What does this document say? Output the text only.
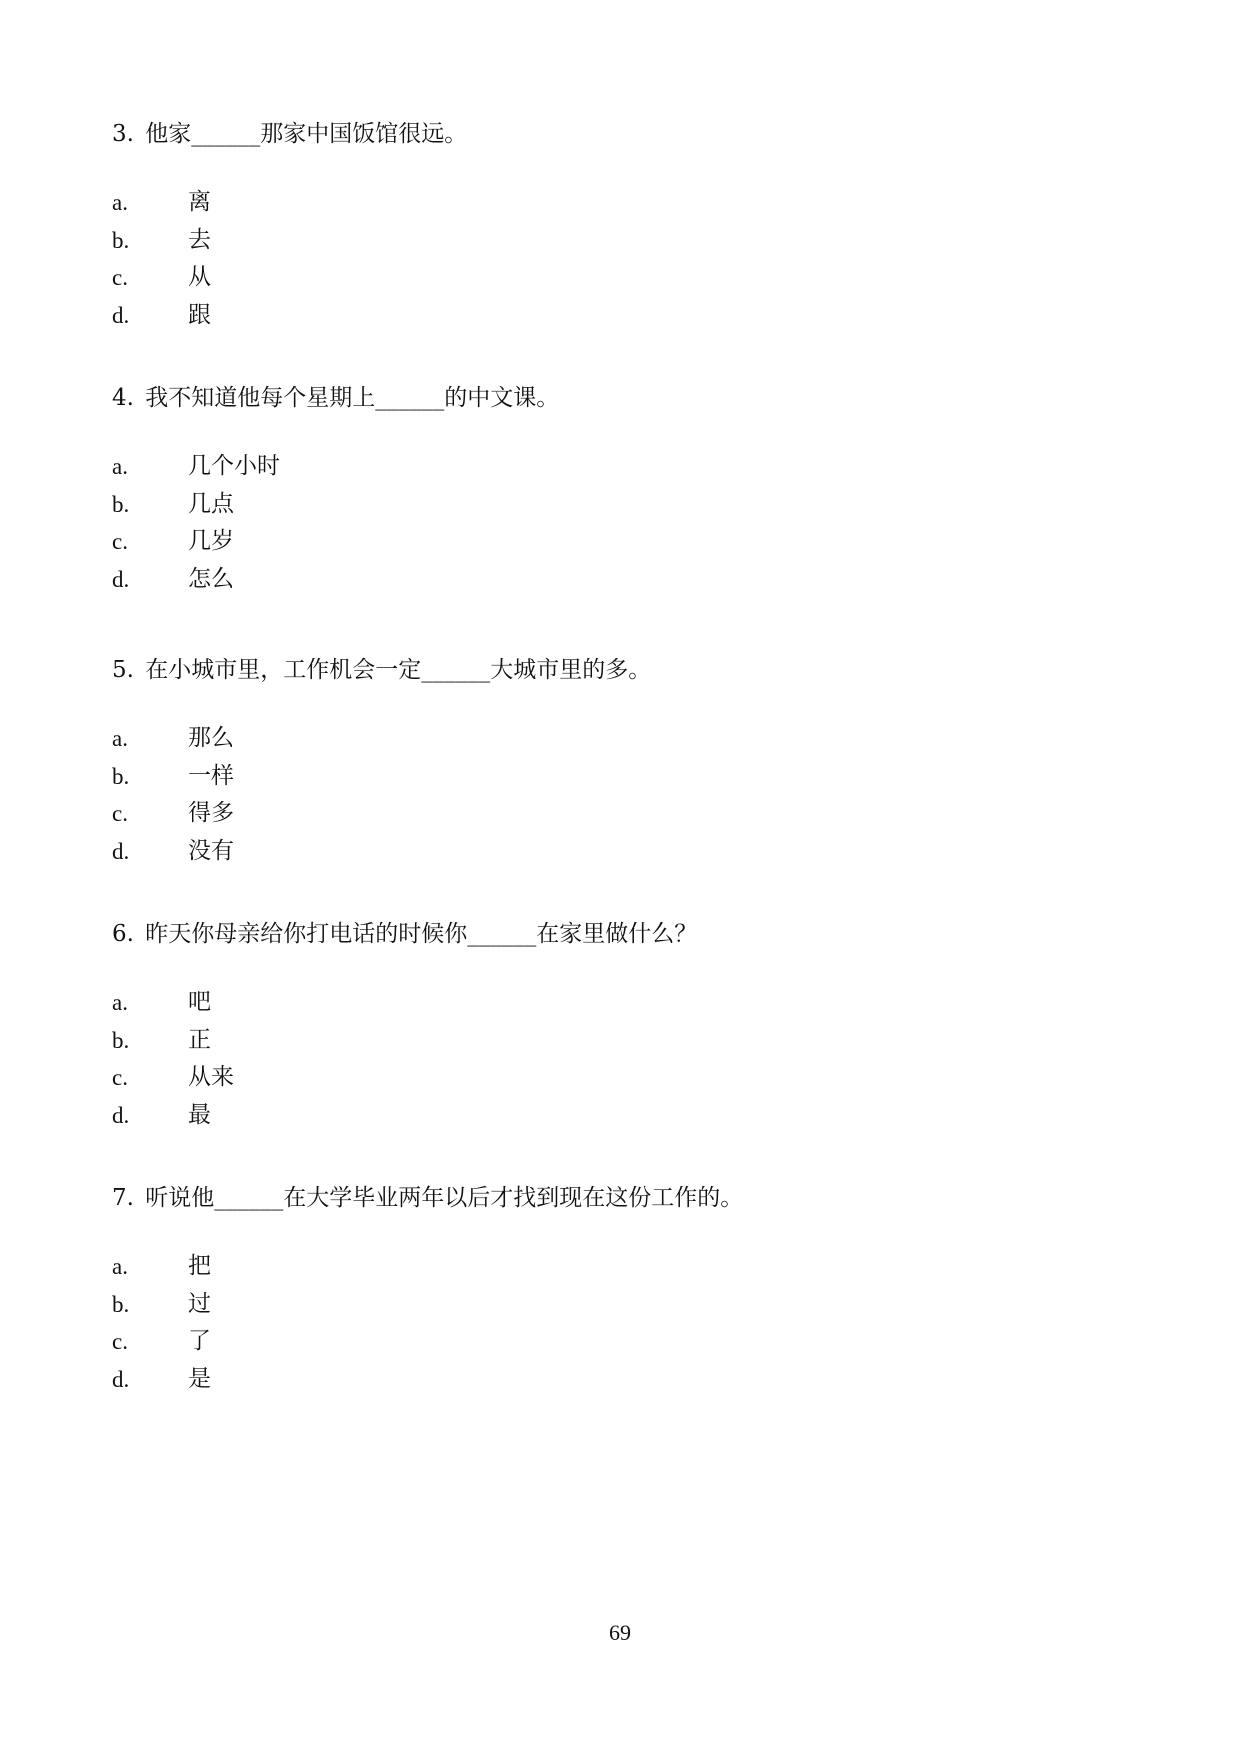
3. 他家______那家中国饭馆很远。
a.	离
b.	去
c.	从
d.	跟
4. 我不知道他每个星期上______的中文课。
a.	几个小时
b.	几点
c.	几岁
d.	怎么
5. 在小城市里，工作机会一定______大城市里的多。
a.	那么
b.	一样
c.	得多
d.	没有
6. 昨天你母亲给你打电话的时候你______在家里做什么？
a.	吧
b.	正
c.	从来
d.	最
7. 听说他______在大学毕业两年以后才找到现在这份工作的。
a.	把
b.	过
c.	了
d.	是
69
